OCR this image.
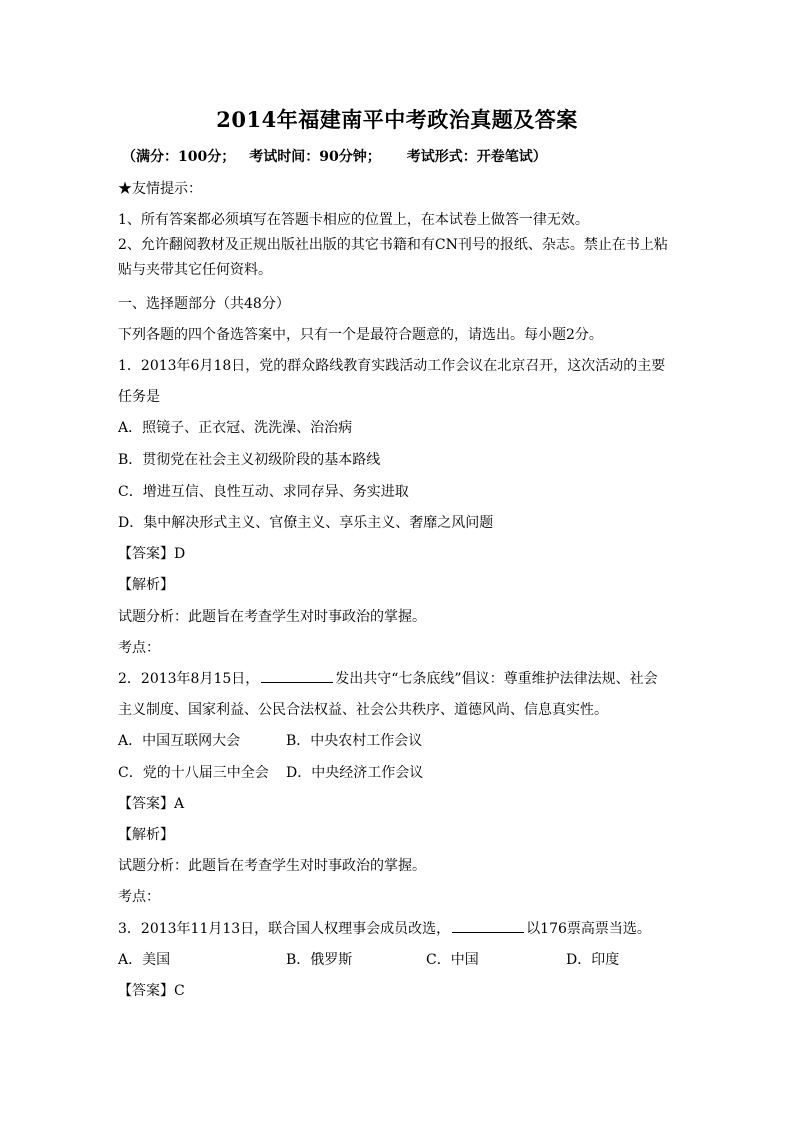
2014年福建南平中考政治真题及答案
（满分：100分； 考试时间：90分钟； 考试形式：开卷笔试）
★友情提示：
1、所有答案都必须填写在答题卡相应的位置上，在本试卷上做答一律无效。
2、允许翻阅教材及正规出版社出版的其它书籍和有CN刊号的报纸、杂志。禁止在书上粘
贴与夹带其它任何资料。
一、选择题部分（共48分）
下列各题的四个备选答案中，只有一个是最符合题意的，请选出。每小题2分。
1．2013年6月18日，党的群众路线教育实践活动工作会议在北京召开，这次活动的主要
任务是
A．照镜子、正衣冠、洗洗澡、治治病
B．贯彻党在社会主义初级阶段的基本路线
C．增进互信、良性互动、求同存异、务实进取
D．集中解决形式主义、官僚主义、享乐主义、奢靡之风问题
【答案】D
【解析】
试题分析：此题旨在考查学生对时事政治的掌握。
考点：
2．2013年8月15日，	发出共守“七条底线”倡议：尊重维护法律法规、社会
主义制度、国家利益、公民合法权益、社会公共秩序、道德风尚、信息真实性。
A．中国互联网大会	B．中央农村工作会议
C．党的十八届三中全会 D．中央经济工作会议
【答案】A
【解析】
试题分析：此题旨在考查学生对时事政治的掌握。
考点：
3．2013年11月13日，联合国人权理事会成员改选，	以176票高票当选。
A．美国	B．俄罗斯	C．中国	D．印度
【答案】C
